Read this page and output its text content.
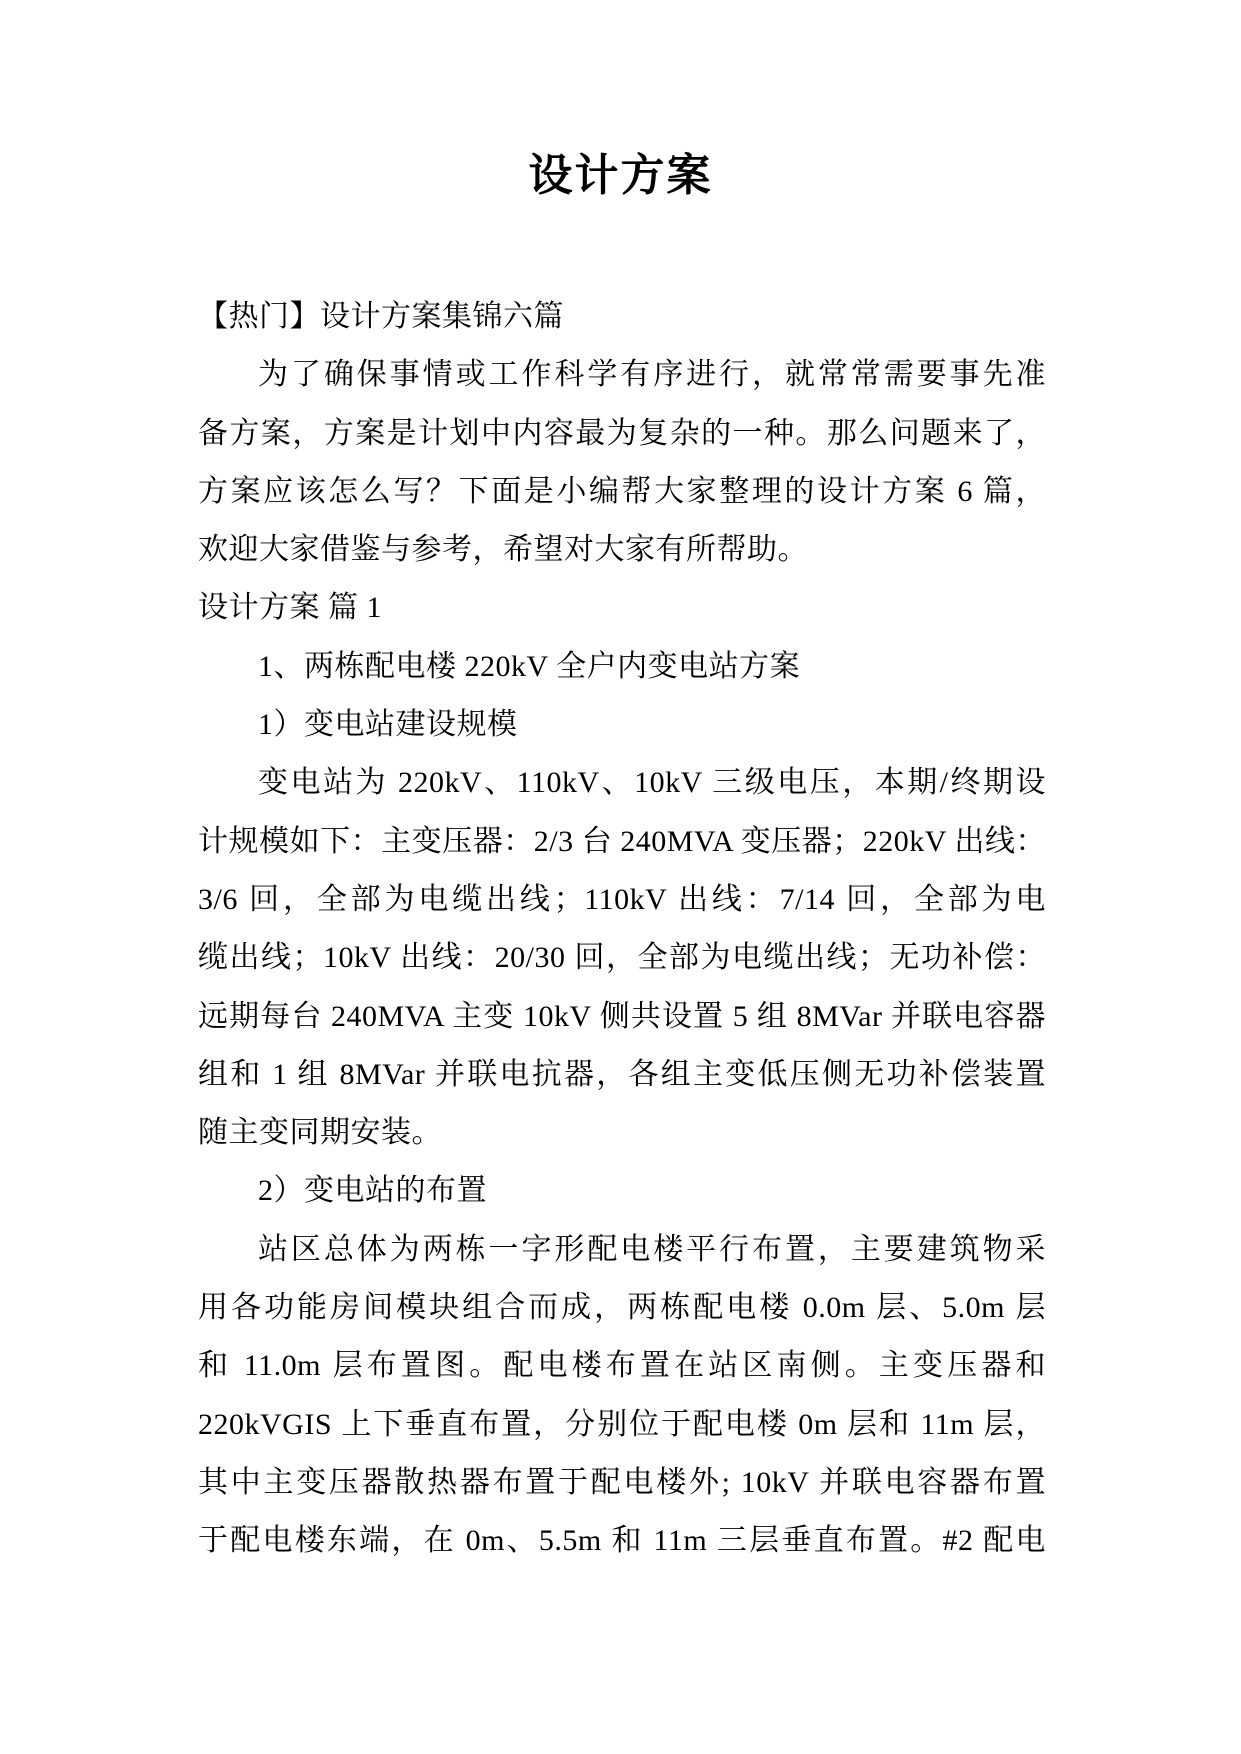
设计方案
【热门】设计方案集锦六篇
为了确保事情或工作科学有序进行，就常常需要事先准
备方案，方案是计划中内容最为复杂的一种。那么问题来了，
方案应该怎么写？下面是小编帮大家整理的设计方案 6 篇，
欢迎大家借鉴与参考，希望对大家有所帮助。
设计方案 篇 1
1、两栋配电楼 220kV 全户内变电站方案
1）变电站建设规模
变电站为 220kV、110kV、10kV 三级电压，本期/终期设
计规模如下：主变压器：2/3 台 240MVA 变压器；220kV 出线：
3/6 回，全部为电缆出线；110kV 出线：7/14 回，全部为电
缆出线；10kV 出线：20/30 回，全部为电缆出线；无功补偿：
远期每台 240MVA 主变 10kV 侧共设置 5 组 8MVar 并联电容器
组和 1 组 8MVar 并联电抗器，各组主变低压侧无功补偿装置
随主变同期安装。
2）变电站的布置
站区总体为两栋一字形配电楼平行布置，主要建筑物采
用各功能房间模块组合而成，两栋配电楼 0.0m 层、5.0m 层
和 11.0m 层布置图。配电楼布置在站区南侧。主变压器和
220kVGIS 上下垂直布置，分别位于配电楼 0m 层和 11m 层，
其中主变压器散热器布置于配电楼外; 10kV 并联电容器布置
于配电楼东端，在 0m、5.5m 和 11m 三层垂直布置。#2 配电
